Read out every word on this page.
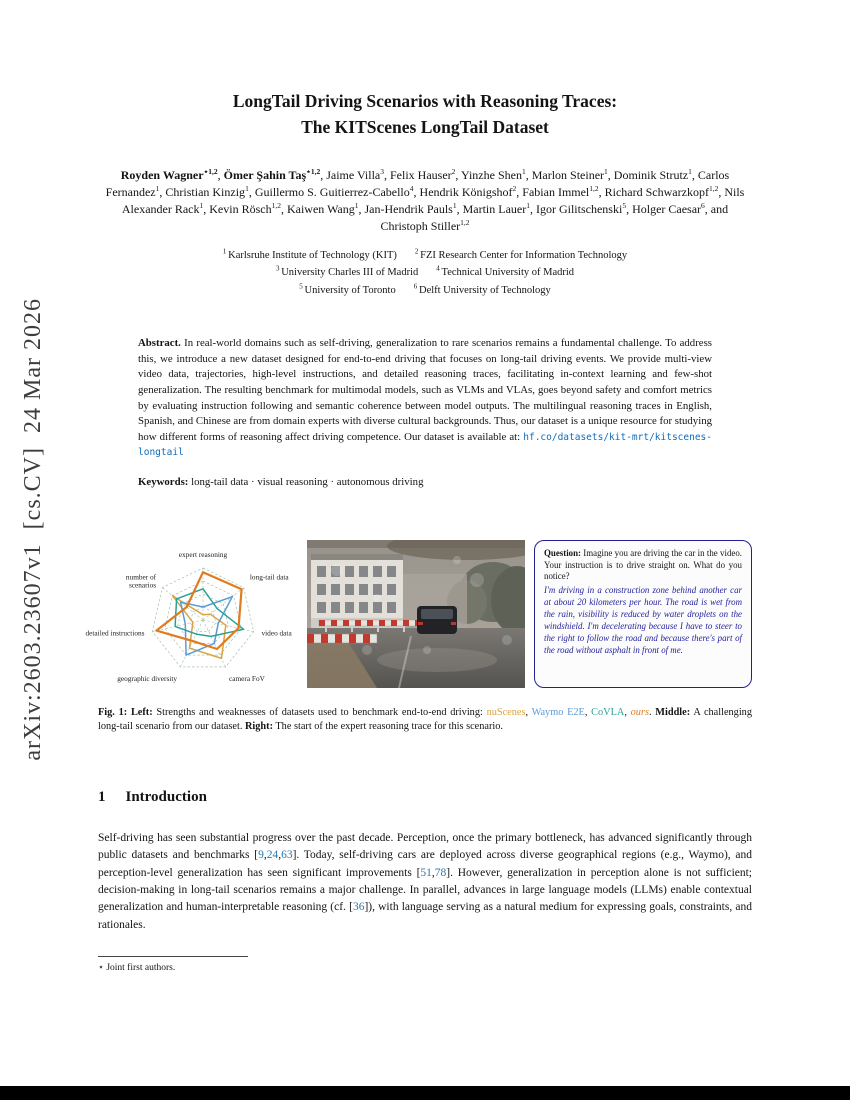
arXiv:2603.23607v1  [cs.CV]  24 Mar 2026
LongTail Driving Scenarios with Reasoning Traces:
The KITScenes LongTail Dataset

Royden Wagner$^{⋆1,2}$, Ömer Şahin Taş$^{⋆1,2}$, Jaime Villa$^3$, Felix Hauser$^2$, Yinzhe Shen$^1$, Marlon Steiner$^1$, Dominik Strutz$^1$, Carlos Fernandez$^1$, Christian Kinzig$^1$, Guillermo S. Guitierrez-Cabello$^4$, Hendrik Königshof$^2$, Fabian Immel$^{1,2}$, Richard Schwarzkopf$^{1,2}$, Nils Alexander Rack$^1$, Kevin Rösch$^{1,2}$, Kaiwen Wang$^1$, Jan-Hendrik Pauls$^1$, Martin Lauer$^1$, Igor Gilitschenski$^5$, Holger Caesar$^6$, and Christoph Stiller$^{1,2}$

$^1$ Karlsruhe Institute of Technology (KIT)	$^2$ FZI Research Center for Information Technology
$^3$ University Charles III of Madrid	$^4$ Technical University of Madrid
$^5$ University of Toronto	$^6$ Delft University of Technology

Abstract. In real-world domains such as self-driving, generalization to rare scenarios remains a fundamental challenge. To address this, we introduce a new dataset designed for end-to-end driving that focuses on long-tail driving events. We provide multi-view video data, trajectories, high-level instructions, and detailed reasoning traces, facilitating in-context learning and few-shot generalization. The resulting benchmark for multimodal models, such as VLMs and VLAs, goes beyond safety and comfort metrics by evaluating instruction following and semantic coherence between model outputs. The multilingual reasoning traces in English, Spanish, and Chinese are from domain experts with diverse cultural backgrounds. Thus, our dataset is a unique resource for studying how different forms of reasoning affect driving competence. Our dataset is available at: hf.co/datasets/kit-mrt/kitscenes-longtail

Keywords: long-tail data · visual reasoning · autonomous driving

expert reasoning
long-tail data
video data
camera FoV
geographic diversity
detailed instructions
number of scenarios

Question: Imagine you are driving the car in the video. Your instruction is to drive straight on. What do you notice?

I'm driving in a construction zone behind another car at about 20 kilometers per hour. The road is wet from the rain, visibility is reduced by water droplets on the windshield. I'm decelerating because I have to steer to the right to follow the road and because there's part of the road without asphalt in front of me.

Fig. 1: Left: Strengths and weaknesses of datasets used to benchmark end-to-end driving: nuScenes, Waymo E2E, CoVLA, ours. Middle: A challenging long-tail scenario from our dataset. Right: The start of the expert reasoning trace for this scenario.

1 Introduction

Self-driving has seen substantial progress over the past decade. Perception, once the primary bottleneck, has advanced significantly through public datasets and benchmarks [9,24,63]. Today, self-driving cars are deployed across diverse geographical regions (e.g., Waymo), and perception-level generalization has seen significant improvements [51,78]. However, generalization in perception alone is not sufficient; decision-making in long-tail scenarios remains a major challenge. In parallel, advances in large language models (LLMs) enable contextual generalization and human-interpretable reasoning (cf. [36]), with language serving as a natural medium for expressing goals, constraints, and rationales.

⋆ Joint first authors.
